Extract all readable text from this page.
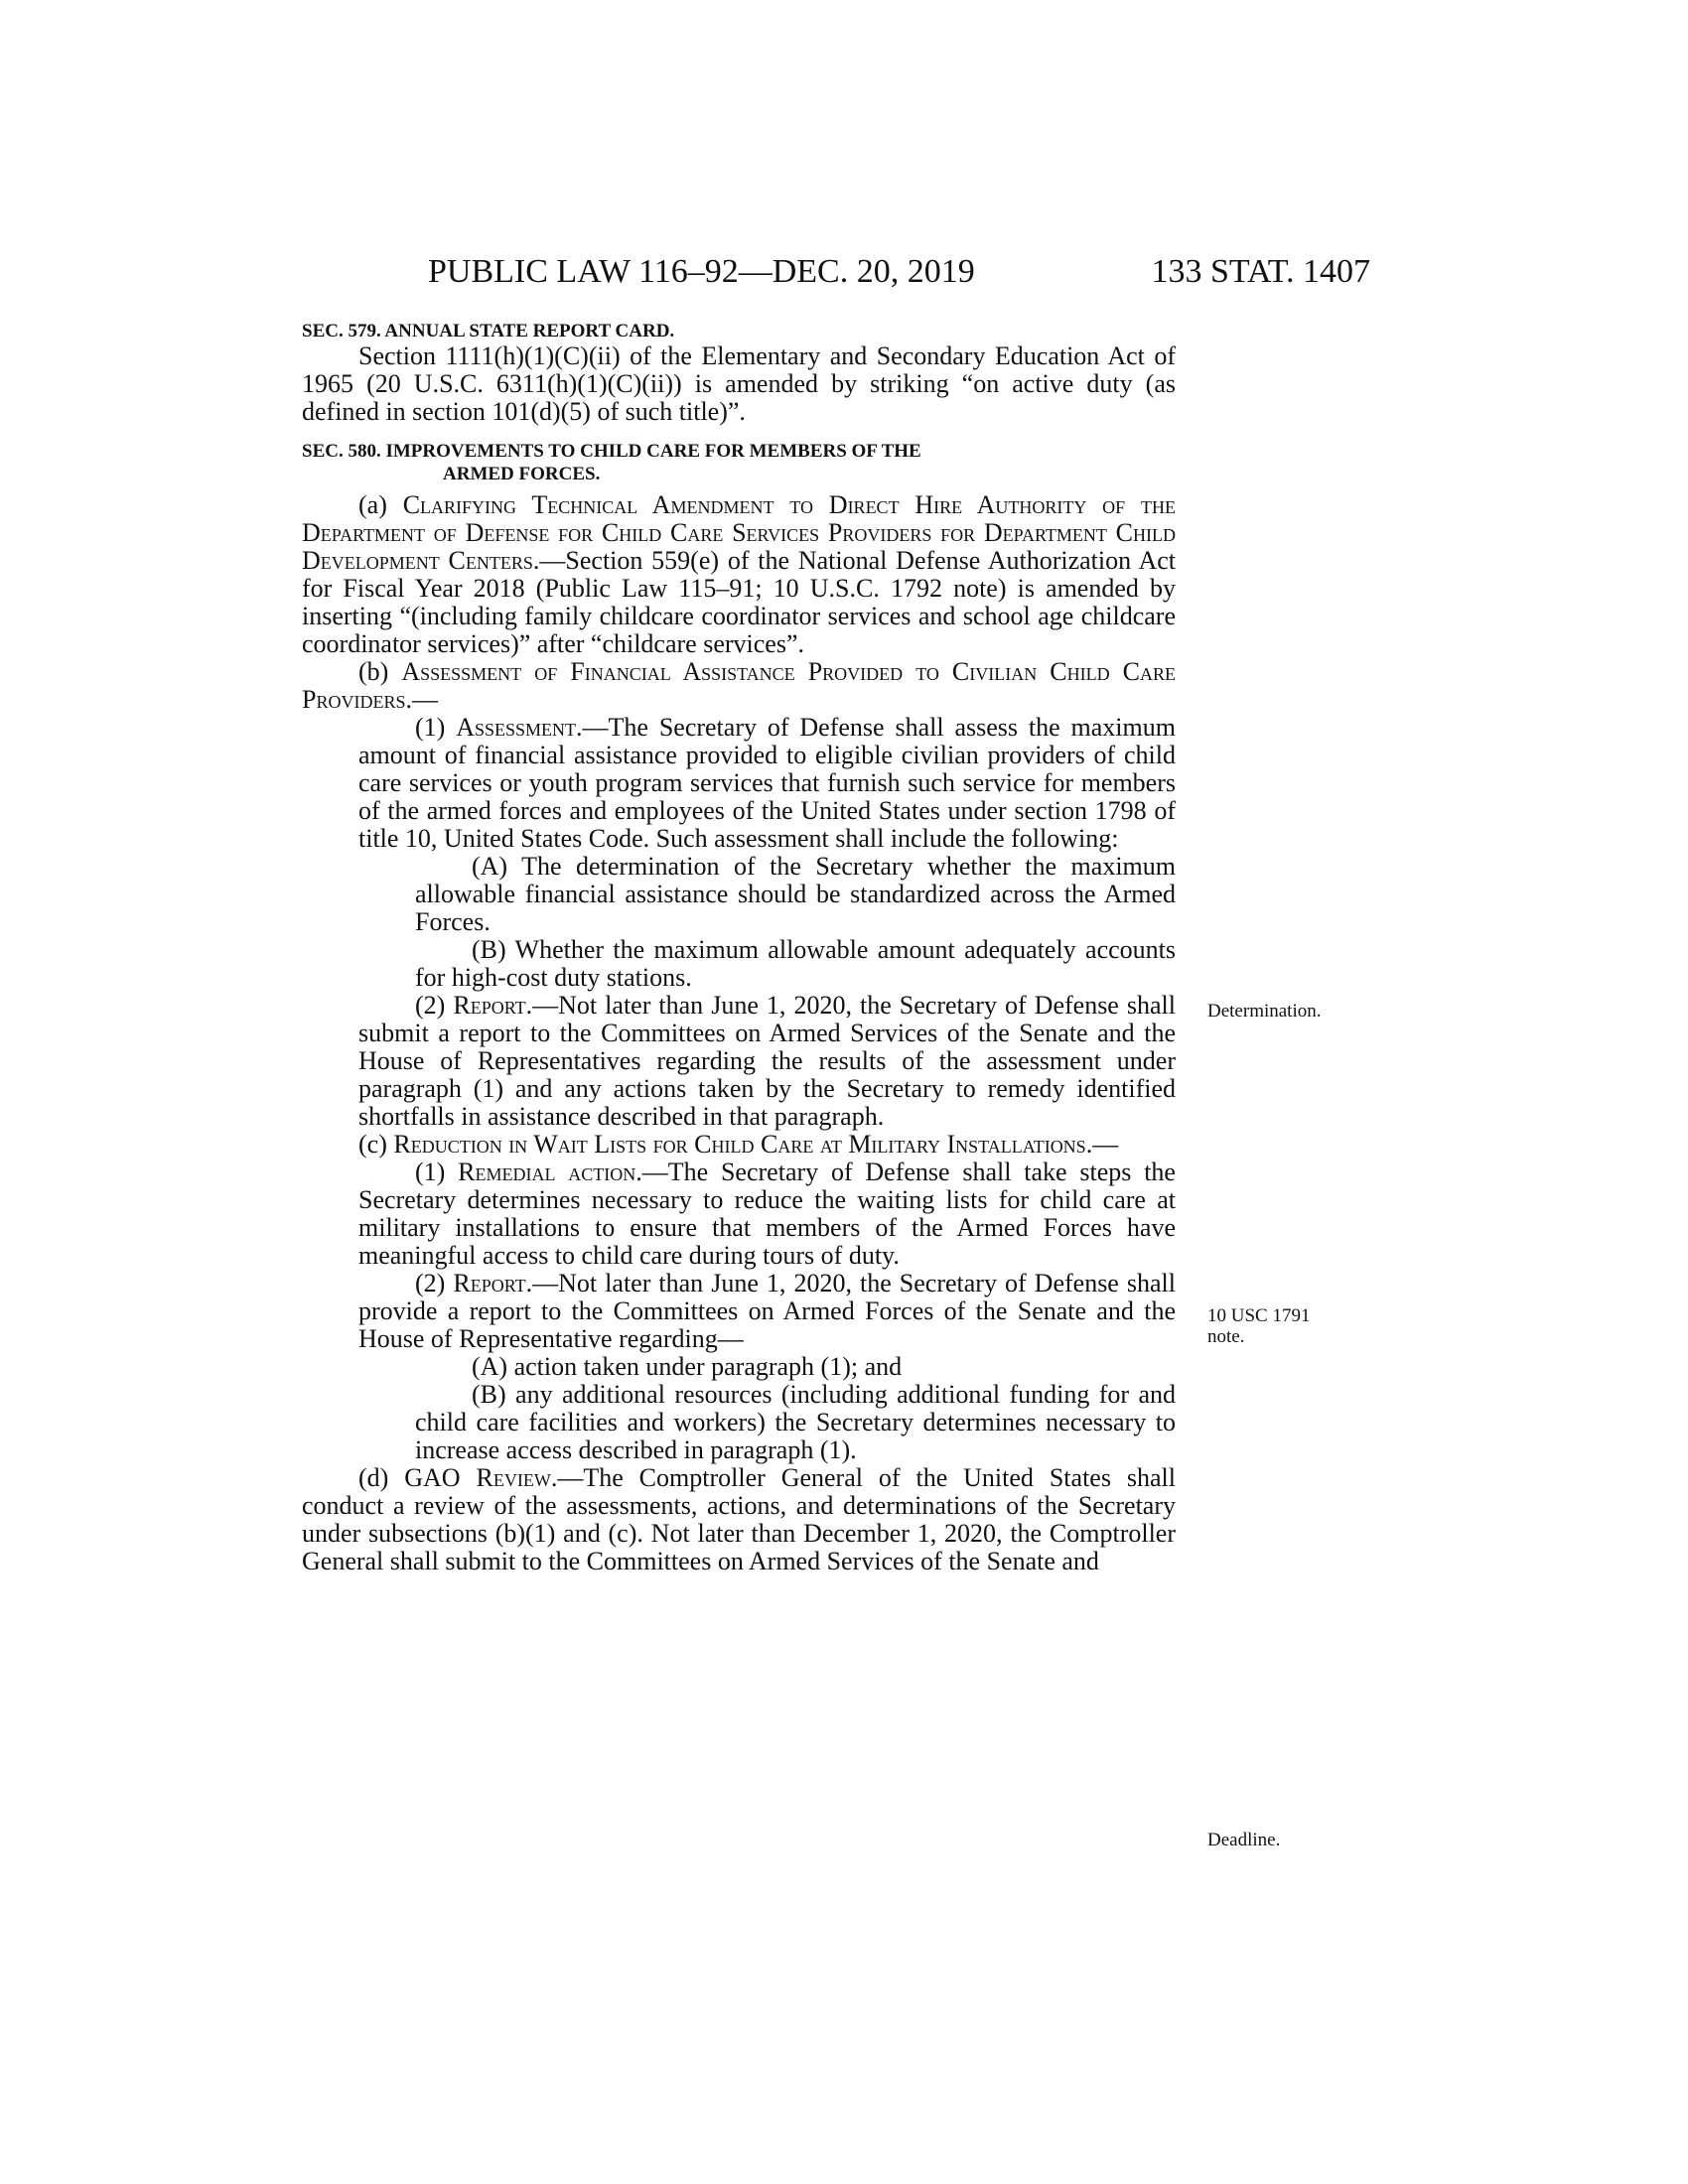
PUBLIC LAW 116–92—DEC. 20, 2019	133 STAT. 1407

SEC. 579. ANNUAL STATE REPORT CARD.

Section 1111(h)(1)(C)(ii) of the Elementary and Secondary Education Act of 1965 (20 U.S.C. 6311(h)(1)(C)(ii)) is amended by striking “on active duty (as defined in section 101(d)(5) of such title)”.

SEC. 580. IMPROVEMENTS TO CHILD CARE FOR MEMBERS OF THE
ARMED FORCES.

(a) Clarifying Technical Amendment to Direct Hire Authority of the Department of Defense for Child Care Services Providers for Department Child Development Centers.—Section 559(e) of the National Defense Authorization Act for Fiscal Year 2018 (Public Law 115–91; 10 U.S.C. 1792 note) is amended by inserting “(including family childcare coordinator services and school age childcare coordinator services)” after “childcare services”.

(b) Assessment of Financial Assistance Provided to Civilian Child Care Providers.—

(1) Assessment.—The Secretary of Defense shall assess the maximum amount of financial assistance provided to eligible civilian providers of child care services or youth program services that furnish such service for members of the armed forces and employees of the United States under section 1798 of title 10, United States Code. Such assessment shall include the following:

(A) The determination of the Secretary whether the maximum allowable financial assistance should be standardized across the Armed Forces.

(B) Whether the maximum allowable amount adequately accounts for high-cost duty stations.

(2) Report.—Not later than June 1, 2020, the Secretary of Defense shall submit a report to the Committees on Armed Services of the Senate and the House of Representatives regarding the results of the assessment under paragraph (1) and any actions taken by the Secretary to remedy identified shortfalls in assistance described in that paragraph.

(c) Reduction in Wait Lists for Child Care at Military Installations.—

(1) Remedial action.—The Secretary of Defense shall take steps the Secretary determines necessary to reduce the waiting lists for child care at military installations to ensure that members of the Armed Forces have meaningful access to child care during tours of duty.

(2) Report.—Not later than June 1, 2020, the Secretary of Defense shall provide a report to the Committees on Armed Forces of the Senate and the House of Representative regarding—

(A) action taken under paragraph (1); and

(B) any additional resources (including additional funding for and child care facilities and workers) the Secretary determines necessary to increase access described in paragraph (1).

(d) GAO Review.—The Comptroller General of the United States shall conduct a review of the assessments, actions, and determinations of the Secretary under subsections (b)(1) and (c). Not later than December 1, 2020, the Comptroller General shall submit to the Committees on Armed Services of the Senate and

Determination.
10 USC 1791
note.
Deadline.
